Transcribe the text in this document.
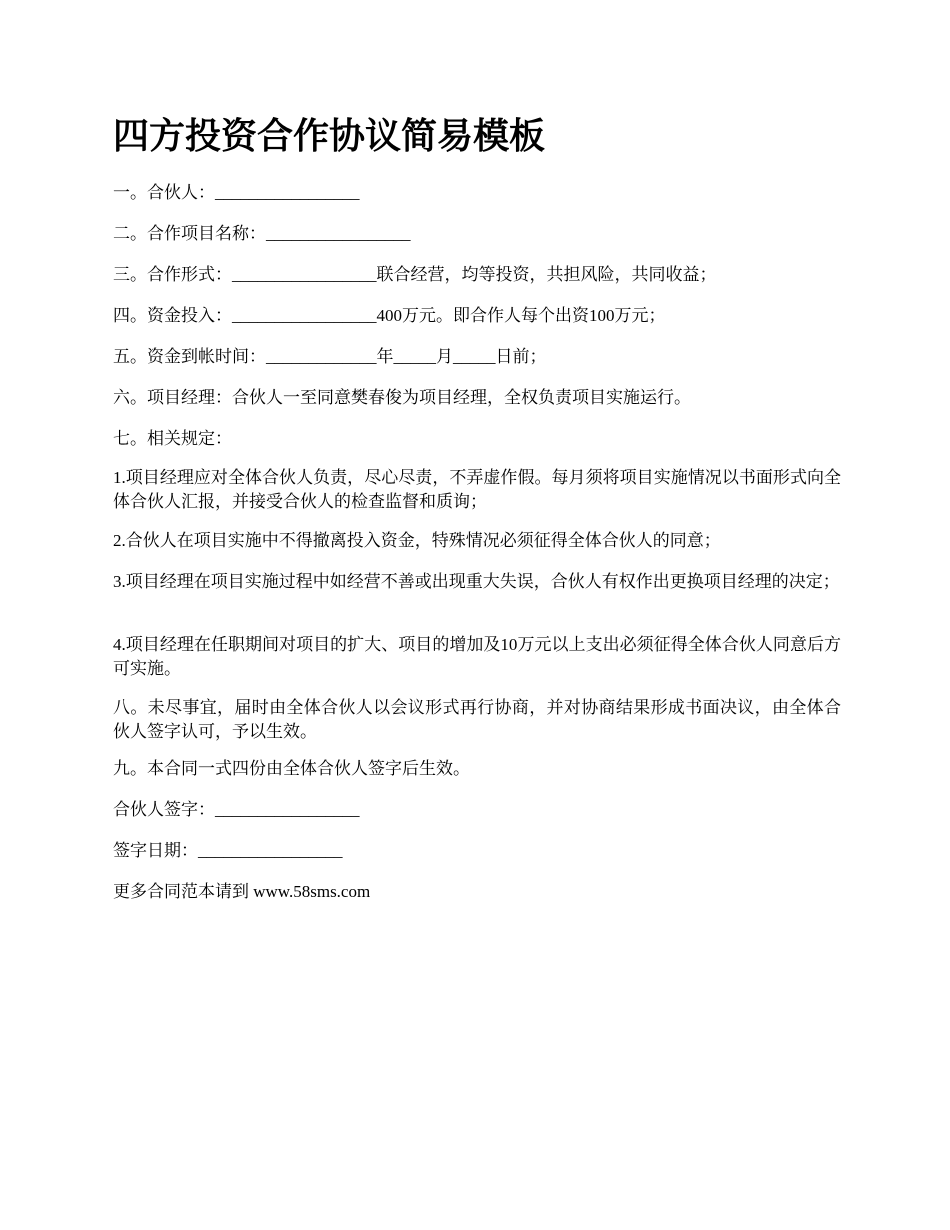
四方投资合作协议简易模板

一。合伙人：_________________

二。合作项目名称：_________________

三。合作形式：_________________联合经营，均等投资，共担风险，共同收益；

四。资金投入：_________________400万元。即合作人每个出资100万元；

五。资金到帐时间：_____________年_____月_____日前；

六。项目经理：合伙人一至同意樊春俊为项目经理，全权负责项目实施运行。

七。相关规定：

1.项目经理应对全体合伙人负责，尽心尽责，不弄虚作假。每月须将项目实施情况以书面形式向全体合伙人汇报，并接受合伙人的检查监督和质询；

2.合伙人在项目实施中不得撤离投入资金，特殊情况必须征得全体合伙人的同意；

3.项目经理在项目实施过程中如经营不善或出现重大失误，合伙人有权作出更换项目经理的决定；

4.项目经理在任职期间对项目的扩大、项目的增加及10万元以上支出必须征得全体合伙人同意后方可实施。

八。未尽事宜，届时由全体合伙人以会议形式再行协商，并对协商结果形成书面决议，由全体合伙人签字认可，予以生效。

九。本合同一式四份由全体合伙人签字后生效。

合伙人签字：_________________

签字日期：_________________

更多合同范本请到 www.58sms.com
